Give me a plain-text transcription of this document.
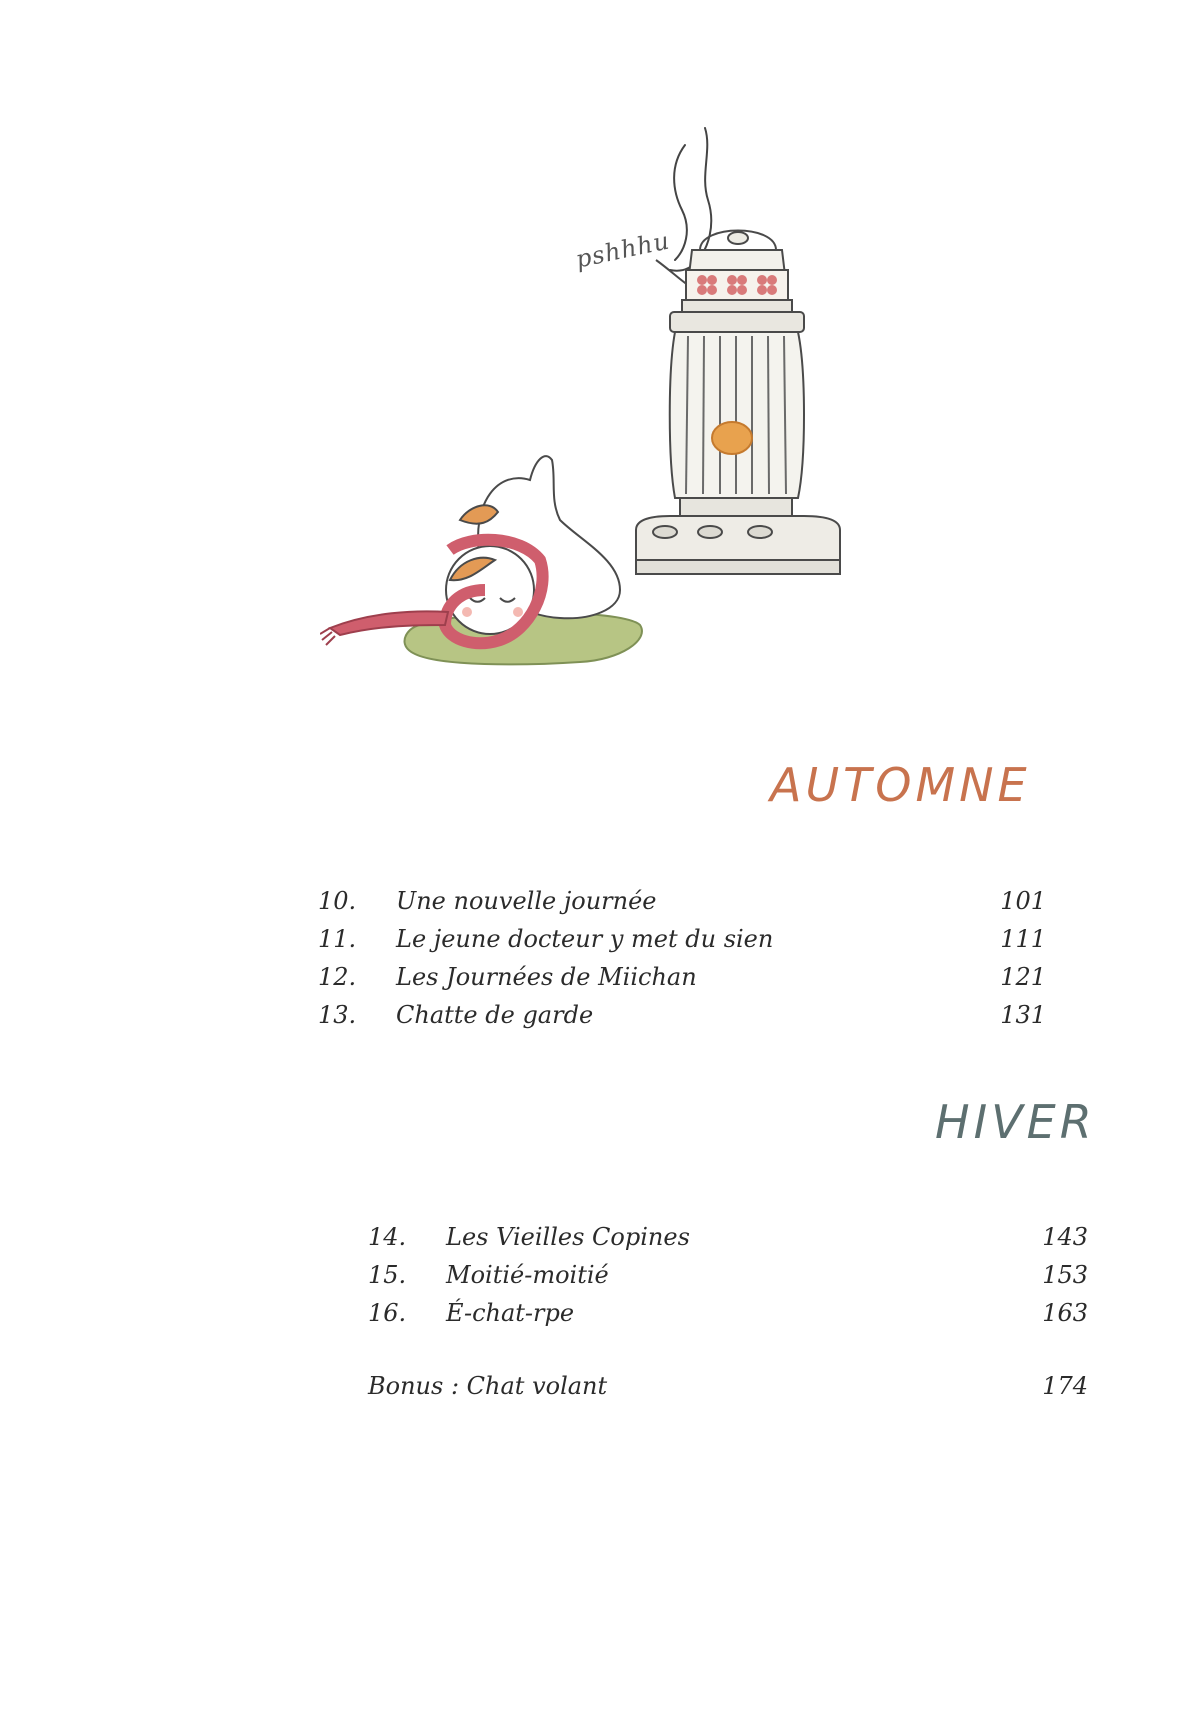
pshhhu
AUTOMNE
10. Une nouvelle journée	101
11. Le jeune docteur y met du sien	111
12. Les Journées de Miichan	121
13. Chatte de garde	131
HIVER
14. Les Vieilles Copines	143
15. Moitié-moitié	153
16. É-chat-rpe	163
Bonus : Chat volant	174
